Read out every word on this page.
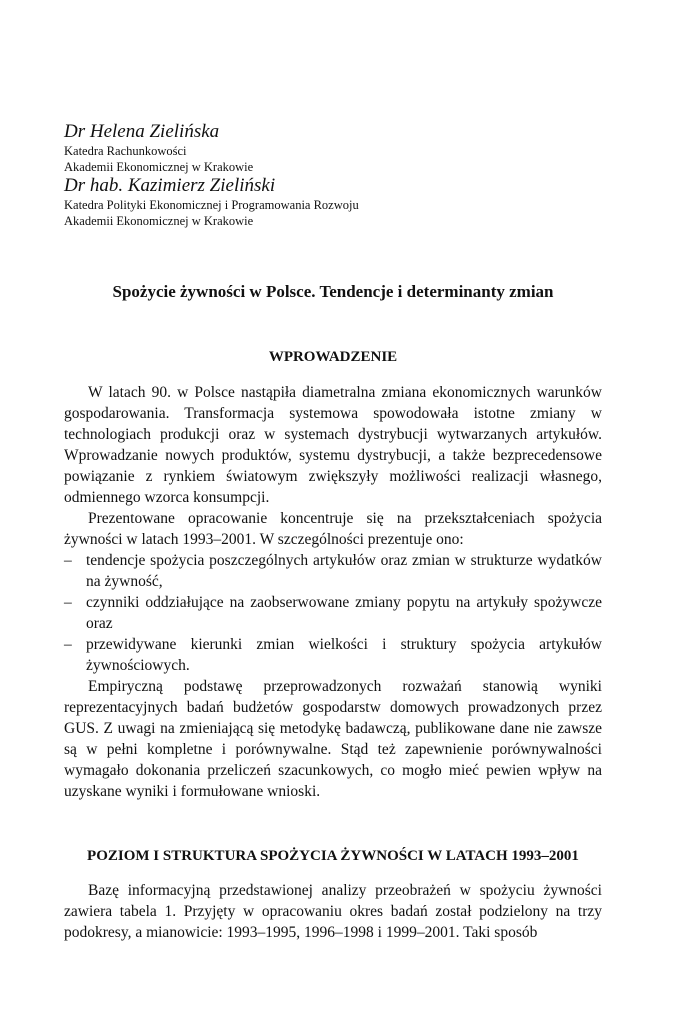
Dr Helena Zielińska

Katedra Rachunkowości

Akademii Ekonomicznej w Krakowie

Dr hab. Kazimierz Zieliński

Katedra Polityki Ekonomicznej i Programowania Rozwoju

Akademii Ekonomicznej w Krakowie

Spożycie żywności w Polsce. Tendencje i determinanty zmian
WPROWADZENIE

W latach 90. w Polsce nastąpiła diametralna zmiana ekonomicznych warunków gospodarowania. Transformacja systemowa spowodowała istotne zmiany w technologiach produkcji oraz w systemach dystrybucji wytwarzanych artykułów. Wprowadzanie nowych produktów, systemu dystrybucji, a także bezprecedensowe powiązanie z rynkiem światowym zwiększyły możliwości realizacji własnego, odmiennego wzorca konsumpcji.

Prezentowane opracowanie koncentruje się na przekształceniach spożycia żywności w latach 1993–2001. W szczególności prezentuje ono:

– tendencje spożycia poszczególnych artykułów oraz zmian w strukturze wydatków na żywność,

– czynniki oddziałujące na zaobserwowane zmiany popytu na artykuły spożywcze oraz

– przewidywane kierunki zmian wielkości i struktury spożycia artykułów żywnościowych.

Empiryczną podstawę przeprowadzonych rozważań stanowią wyniki reprezentacyjnych badań budżetów gospodarstw domowych prowadzonych przez GUS. Z uwagi na zmieniającą się metodykę badawczą, publikowane dane nie zawsze są w pełni kompletne i porównywalne. Stąd też zapewnienie porównywalności wymagało dokonania przeliczeń szacunkowych, co mogło mieć pewien wpływ na uzyskane wyniki i formułowane wnioski.

POZIOM I STRUKTURA SPOŻYCIA ŻYWNOŚCI W LATACH 1993–2001

Bazę informacyjną przedstawionej analizy przeobrażeń w spożyciu żywności zawiera tabela 1. Przyjęty w opracowaniu okres badań został podzielony na trzy podokresy, a mianowicie: 1993–1995, 1996–1998 i 1999–2001. Taki sposób
